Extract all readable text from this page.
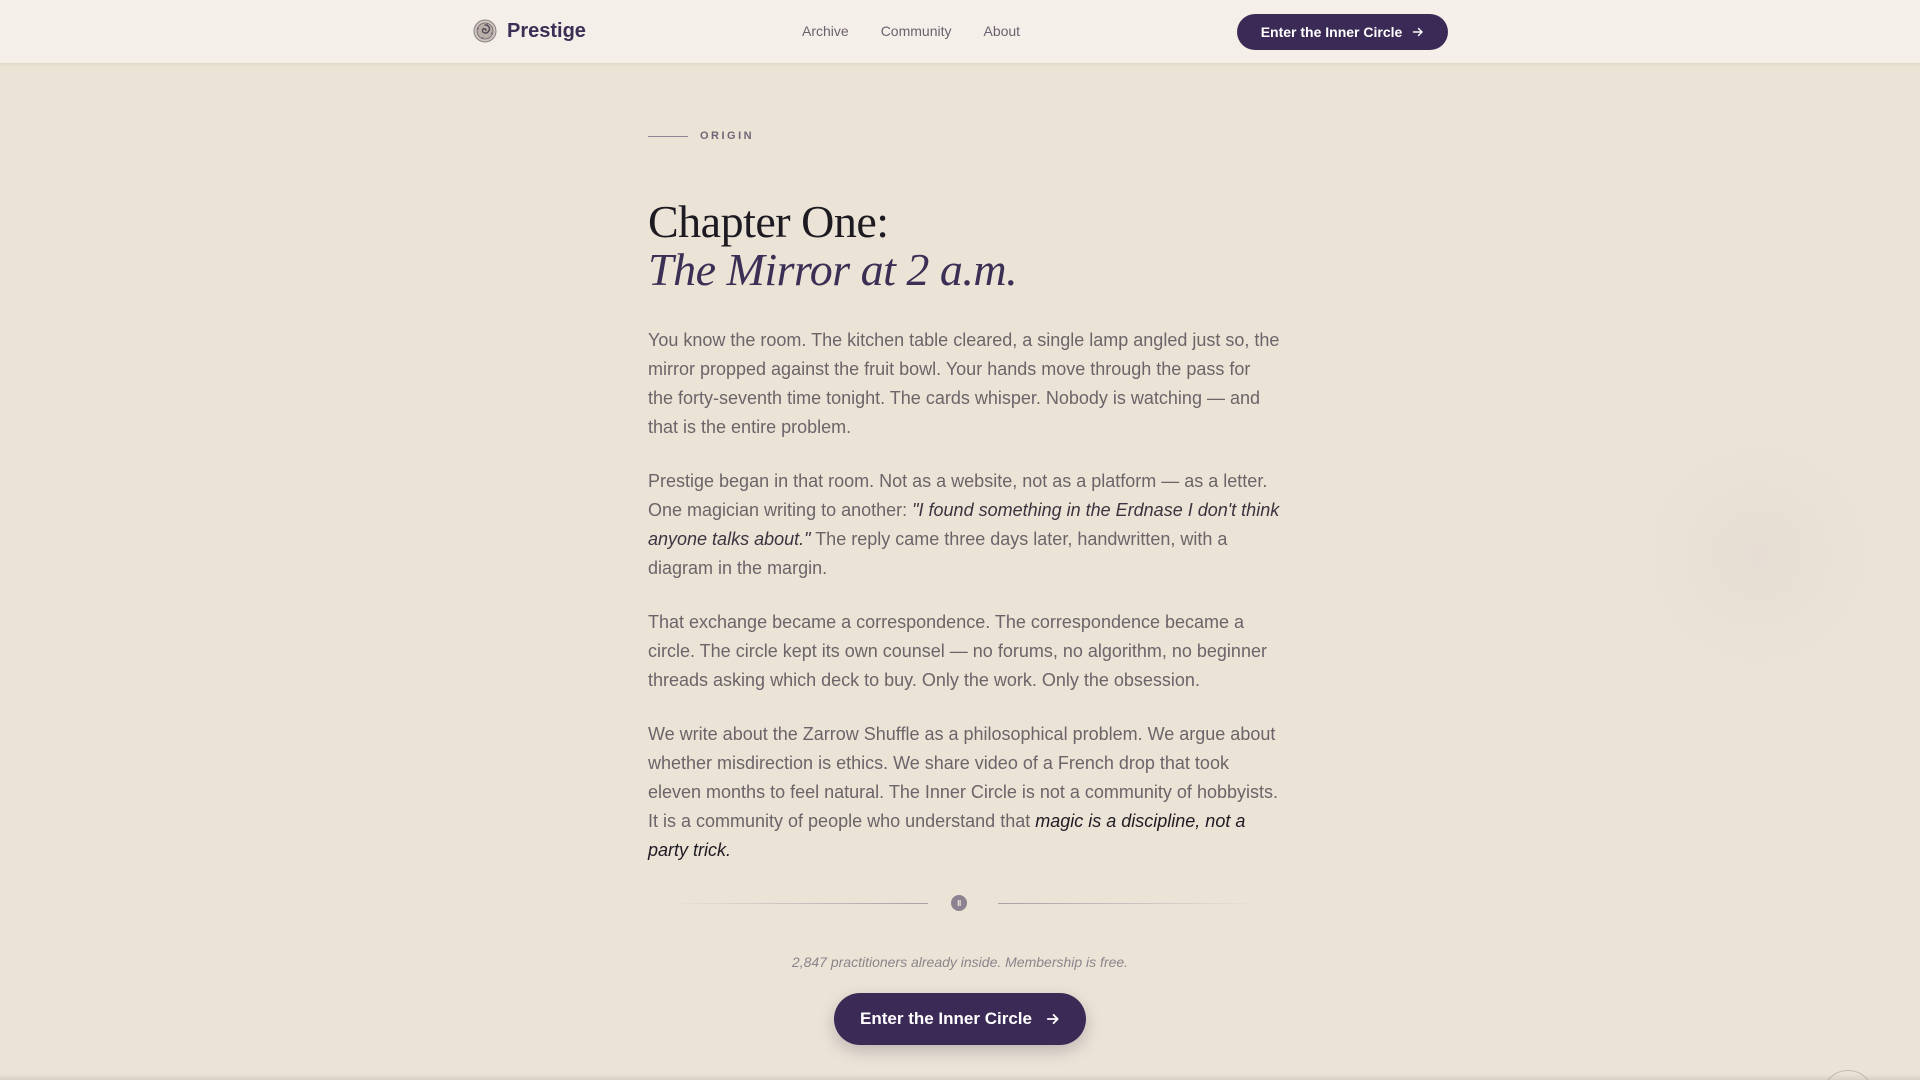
Prestige	Archive Community About	Enter the Inner Circle
ORIGIN
Chapter One:
The Mirror at 2 a.m.

You know the room. The kitchen table cleared, a single lamp angled just so, the mirror propped against the fruit bowl. Your hands move through the pass for the forty-seventh time tonight. The cards whisper. Nobody is watching — and that is the entire problem.

Prestige began in that room. Not as a website, not as a platform — as a letter. One magician writing to another: "I found something in the Erdnase I don't think anyone talks about." The reply came three days later, handwritten, with a diagram in the margin.

That exchange became a correspondence. The correspondence became a circle. The circle kept its own counsel — no forums, no algorithm, no beginner threads asking which deck to buy. Only the work. Only the obsession.

We write about the Zarrow Shuffle as a philosophical problem. We argue about whether misdirection is ethics. We share video of a French drop that took eleven months to feel natural. The Inner Circle is not a community of hobbyists. It is a community of people who understand that magic is a discipline, not a party trick.

II

2,847 practitioners already inside. Membership is free.

Enter the Inner Circle
